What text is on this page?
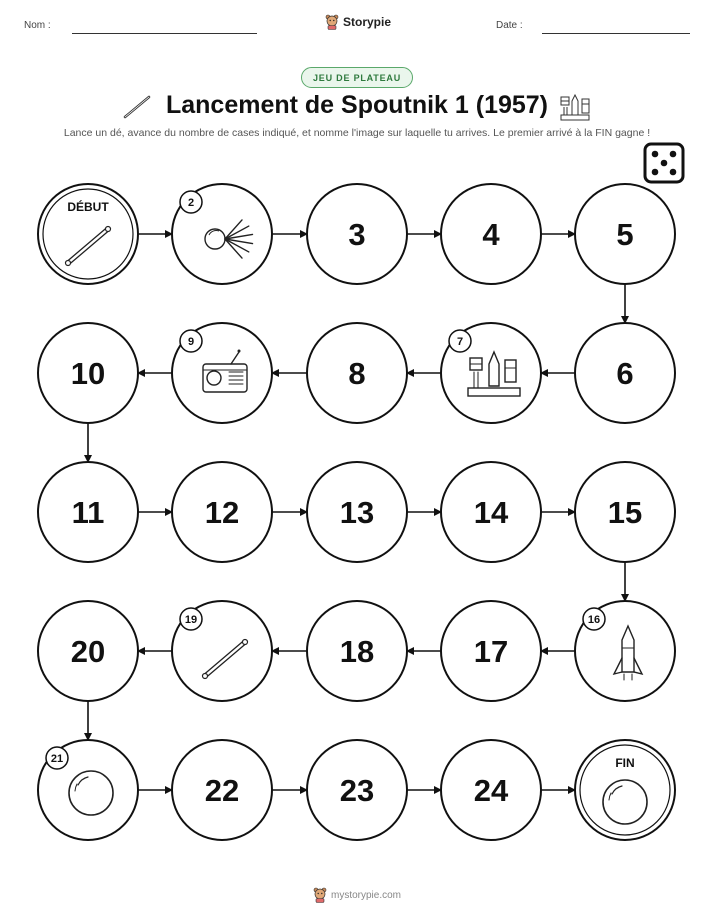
Nom :	Storypie	Date :
JEU DE PLATEAU
Lancement de Spoutnik 1 (1957)
Lance un dé, avance du nombre de cases indiqué, et nomme l'image sur laquelle tu arrives. Le premier arrivé à la FIN gagne !
DÉBUT	2
3	4	5
6
7
8
9
10
11	12	13	14	15
16
17
18
19
20
21
22	23	24
FIN
mystorypie.com
